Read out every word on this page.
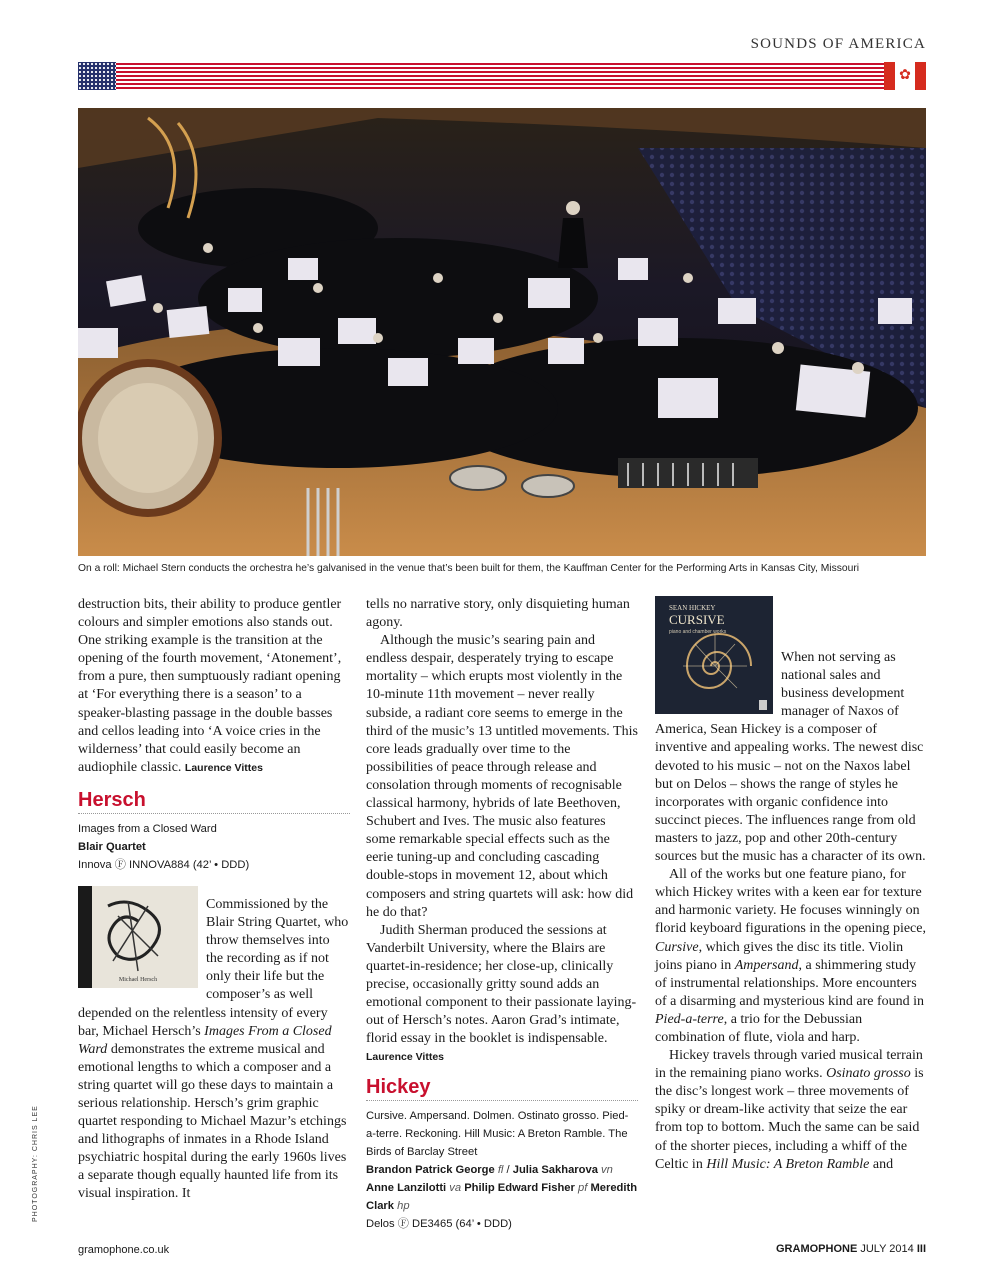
SOUNDS OF AMERICA
✿
On a roll: Michael Stern conducts the orchestra he’s galvanised in the venue that’s been built for them, the Kauffman Center for the Performing Arts in Kansas City, Missouri

destruction bits, their ability to produce gentler colours and simpler emotions also stands out. One striking example is the transition at the opening of the fourth movement, ‘Atonement’, from a pure, then sumptuously radiant opening at ‘For everything there is a season’ to a speaker-blasting passage in the double basses and cellos leading into ‘A voice cries in the wilderness’ that could easily become an audiophile classic. Laurence Vittes

Hersch

Images from a Closed Ward

Blair Quartet

Innova Ⓕ INNOVA884 (42’ • DDD)

Michael Hersch

Commissioned by the Blair String Quartet, who throw themselves into the recording as if not only their life but the composer’s as well depended on the relentless intensity of every bar, Michael Hersch’s Images From a Closed Ward demonstrates the extreme musical and emotional lengths to which a composer and a string quartet will go these days to maintain a serious relationship. Hersch’s grim graphic quartet responding to Michael Mazur’s etchings and lithographs of inmates in a Rhode Island psychiatric hospital during the early 1960s lives a separate though equally haunted life from its visual inspiration. It

tells no narrative story, only disquieting human agony.

Although the music’s searing pain and endless despair, desperately trying to escape mortality – which erupts most violently in the 10-minute 11th movement – never really subside, a radiant core seems to emerge in the third of the music’s 13 untitled movements. This core leads gradually over time to the possibilities of peace through release and consolation through moments of recognisable classical harmony, hybrids of late Beethoven, Schubert and Ives. The music also features some remarkable special effects such as the eerie tuning-up and concluding cascading double-stops in movement 12, about which composers and string quartets will ask: how did he do that?

Judith Sherman produced the sessions at Vanderbilt University, where the Blairs are quartet-in-residence; her close-up, clinically precise, occasionally gritty sound adds an emotional component to their passionate laying-out of Hersch’s notes. Aaron Grad’s intimate, florid essay in the booklet is indispensable. Laurence Vittes

Hickey

Cursive. Ampersand. Dolmen. Ostinato grosso. Pied-a-terre. Reckoning. Hill Music: A Breton Ramble. The Birds of Barclay Street

Brandon Patrick George fl / Julia Sakharova vn Anne Lanzilotti va Philip Edward Fisher pf Meredith Clark hp

Delos Ⓕ DE3465 (64’ • DDD)

SEAN HICKEY
CURSIVE
piano and chamber works

When not serving as national sales and business development manager of Naxos of America, Sean Hickey is a composer of inventive and appealing works. The newest disc devoted to his music – not on the Naxos label but on Delos – shows the range of styles he incorporates with organic confidence into succinct pieces. The influences range from old masters to jazz, pop and other 20th-century sources but the music has a character of its own.

All of the works but one feature piano, for which Hickey writes with a keen ear for texture and harmonic variety. He focuses winningly on florid keyboard figurations in the opening piece, Cursive, which gives the disc its title. Violin joins piano in Ampersand, a shimmering study of instrumental relationships. More encounters of a disarming and mysterious kind are found in Pied-a-terre, a trio for the Debussian combination of flute, viola and harp.

Hickey travels through varied musical terrain in the remaining piano works. Osinato grosso is the disc’s longest work – three movements of spiky or dream-like activity that seize the ear from top to bottom. Much the same can be said of the shorter pieces, including a whiff of the Celtic in Hill Music: A Breton Ramble and

PHOTOGRAPHY: CHRIS LEE
gramophone.co.uk	GRAMOPHONE JULY 2014 III
